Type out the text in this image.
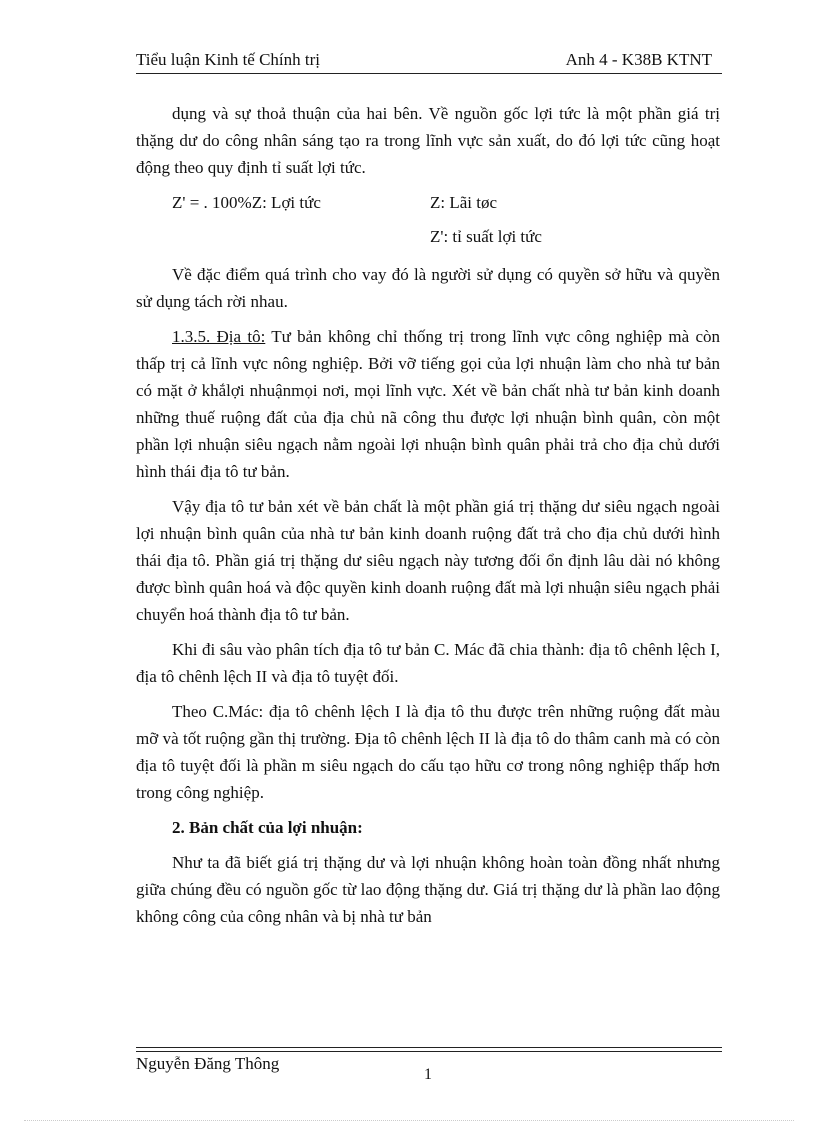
Tiểu luận Kinh tế Chính trị	Anh 4 - K38B KTNT

dụng và sự thoả thuận của hai bên. Về nguồn gốc lợi tức là một phần giá trị thặng dư do công nhân sáng tạo ra trong lĩnh vực sản xuất, do đó lợi tức cũng hoạt động theo quy định tỉ suất lợi tức.

Z' = . 100%Z: Lợi tức	Z: Lãi tøc
Z': tỉ suất lợi tức

Về đặc điểm quá trình cho vay đó là người sử dụng có quyền sở hữu và quyền sử dụng tách rời nhau.

1.3.5. Địa tô: Tư bản không chỉ thống trị trong lĩnh vực công nghiệp mà còn thấp trị cả lĩnh vực nông nghiệp. Bởi vỡ tiếng gọi của lợi nhuận làm cho nhà tư bản có mặt ở khắlợi nhuậnmọi nơi, mọi lĩnh vực. Xét về bản chất nhà tư bản kinh doanh những thuế ruộng đất của địa chủ nã công thu được lợi nhuận bình quân, còn một phần lợi nhuận siêu ngạch nằm ngoài lợi nhuận bình quân phải trả cho địa chủ dưới hình thái địa tô tư bản.

Vậy địa tô tư bản xét về bản chất là một phần giá trị thặng dư siêu ngạch ngoài lợi nhuận bình quân của nhà tư bản kinh doanh ruộng đất trả cho địa chủ dưới hình thái địa tô. Phần giá trị thặng dư siêu ngạch này tương đối ổn định lâu dài nó không được bình quân hoá và độc quyền kinh doanh ruộng đất mà lợi nhuận siêu ngạch phải chuyển hoá thành địa tô tư bản.

Khi đi sâu vào phân tích địa tô tư bản C. Mác đã chia thành: địa tô chênh lệch I, địa tô chênh lệch II và địa tô tuyệt đối.

Theo C.Mác: địa tô chênh lệch I là địa tô thu được trên những ruộng đất màu mỡ và tốt ruộng gần thị trường. Địa tô chênh lệch II là địa tô do thâm canh mà có còn địa tô tuyệt đối là phần m siêu ngạch do cấu tạo hữu cơ trong nông nghiệp thấp hơn trong công nghiệp.

2. Bản chất của lợi nhuận:

Như ta đã biết giá trị thặng dư và lợi nhuận không hoàn toàn đồng nhất nhưng giữa chúng đều có nguồn gốc từ lao động thặng dư. Giá trị thặng dư là phần lao động không công của công nhân và bị nhà tư bản

Nguyễn Đăng Thông
1
